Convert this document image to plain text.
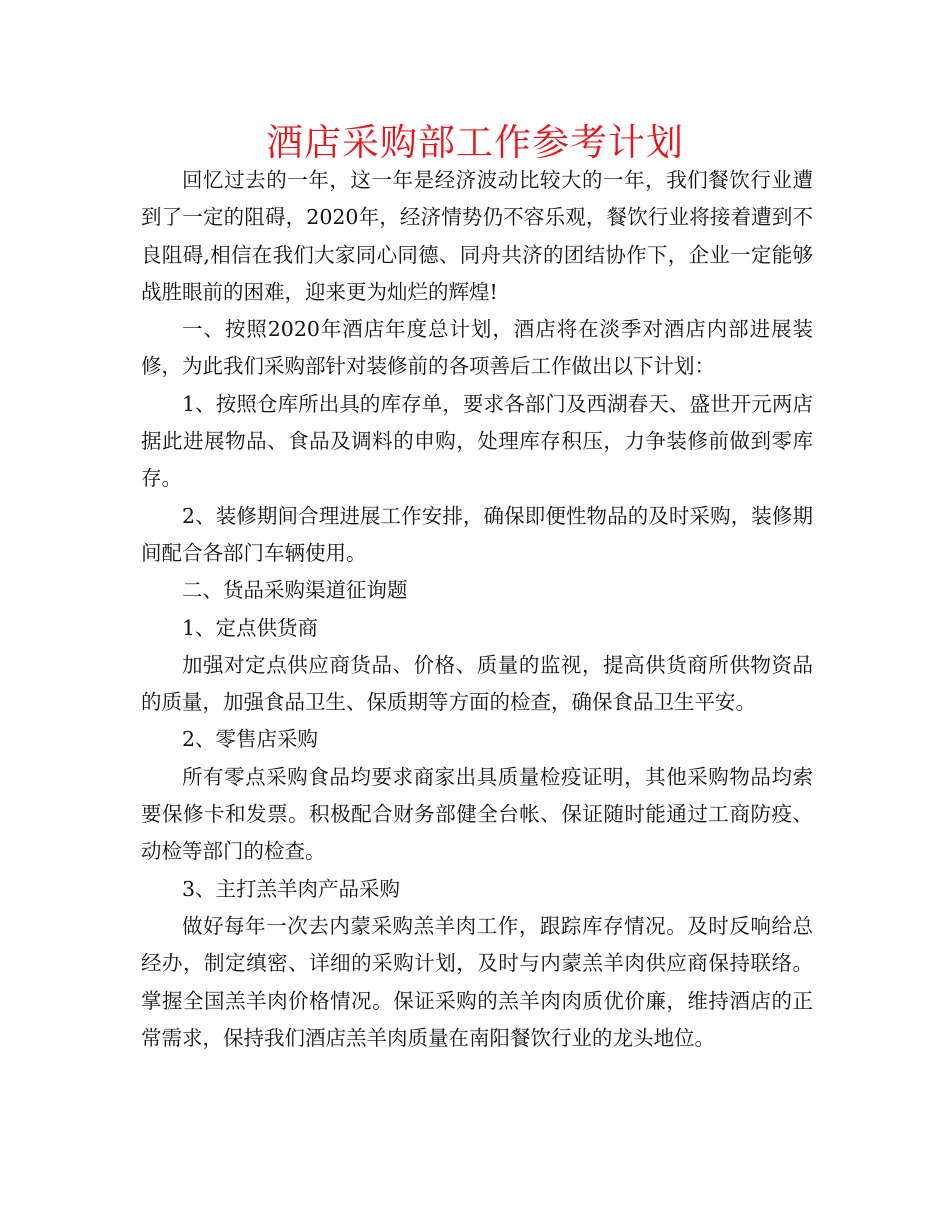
酒店采购部工作参考计划

回忆过去的一年，这一年是经济波动比较大的一年，我们餐饮行业遭到了一定的阻碍，2020年，经济情势仍不容乐观，餐饮行业将接着遭到不良阻碍,相信在我们大家同心同德、同舟共济的团结协作下，企业一定能够战胜眼前的困难，迎来更为灿烂的辉煌!

一、按照2020年酒店年度总计划，酒店将在淡季对酒店内部进展装修，为此我们采购部针对装修前的各项善后工作做出以下计划：

1、按照仓库所出具的库存单，要求各部门及西湖春天、盛世开元两店据此进展物品、食品及调料的申购，处理库存积压，力争装修前做到零库存。

2、装修期间合理进展工作安排，确保即便性物品的及时采购，装修期间配合各部门车辆使用。

二、货品采购渠道征询题

1、定点供货商

加强对定点供应商货品、价格、质量的监视，提高供货商所供物资品的质量，加强食品卫生、保质期等方面的检查，确保食品卫生平安。

2、零售店采购

所有零点采购食品均要求商家出具质量检疫证明，其他采购物品均索要保修卡和发票。积极配合财务部健全台帐、保证随时能通过工商防疫、动检等部门的检查。

3、主打羔羊肉产品采购

做好每年一次去内蒙采购羔羊肉工作，跟踪库存情况。及时反响给总经办，制定缜密、详细的采购计划，及时与内蒙羔羊肉供应商保持联络。掌握全国羔羊肉价格情况。保证采购的羔羊肉肉质优价廉，维持酒店的正常需求，保持我们酒店羔羊肉质量在南阳餐饮行业的龙头地位。
